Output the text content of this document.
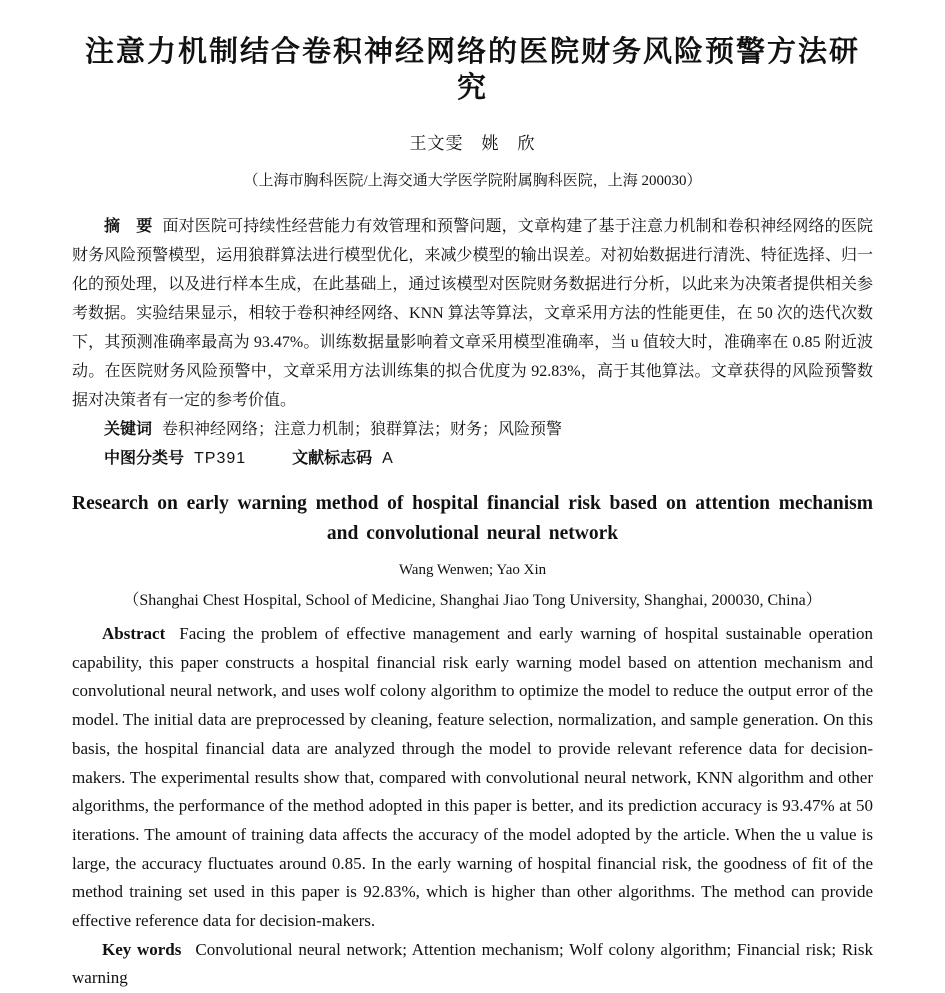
注意力机制结合卷积神经网络的医院财务风险预警方法研究
王文雯　姚　欣
（上海市胸科医院/上海交通大学医学院附属胸科医院，上海 200030）

摘　要 面对医院可持续性经营能力有效管理和预警问题，文章构建了基于注意力机制和卷积神经网络的医院财务风险预警模型，运用狼群算法进行模型优化，来减少模型的输出误差。对初始数据进行清洗、特征选择、归一化的预处理，以及进行样本生成，在此基础上，通过该模型对医院财务数据进行分析，以此来为决策者提供相关参考数据。实验结果显示，相较于卷积神经网络、KNN 算法等算法，文章采用方法的性能更佳，在 50 次的迭代次数下，其预测准确率最高为 93.47%。训练数据量影响着文章采用模型准确率，当 u 值较大时，准确率在 0.85 附近波动。在医院财务风险预警中，文章采用方法训练集的拟合优度为 92.83%，高于其他算法。文章获得的风险预警数据对决策者有一定的参考价值。

关键词 卷积神经网络；注意力机制；狼群算法；财务；风险预警

中图分类号 TP391	文献标志码 A

Research on early warning method of hospital financial risk based on attention mechanism and convolutional neural network
Wang Wenwen; Yao Xin
（Shanghai Chest Hospital, School of Medicine, Shanghai Jiao Tong University, Shanghai, 200030, China）

Abstract Facing the problem of effective management and early warning of hospital sustainable operation capability, this paper constructs a hospital financial risk early warning model based on attention mechanism and convolutional neural network, and uses wolf colony algorithm to optimize the model to reduce the output error of the model. The initial data are preprocessed by cleaning, feature selection, normalization, and sample generation. On this basis, the hospital financial data are analyzed through the model to provide relevant reference data for decision-makers. The experimental results show that, compared with convolutional neural network, KNN algorithm and other algorithms, the performance of the method adopted in this paper is better, and its prediction accuracy is 93.47% at 50 iterations. The amount of training data affects the accuracy of the model adopted by the article. When the u value is large, the accuracy fluctuates around 0.85. In the early warning of hospital financial risk, the goodness of fit of the method training set used in this paper is 92.83%, which is higher than other algorithms. The method can provide effective reference data for decision-makers.

Key words Convolutional neural network; Attention mechanism; Wolf colony algorithm; Financial risk; Risk warning
